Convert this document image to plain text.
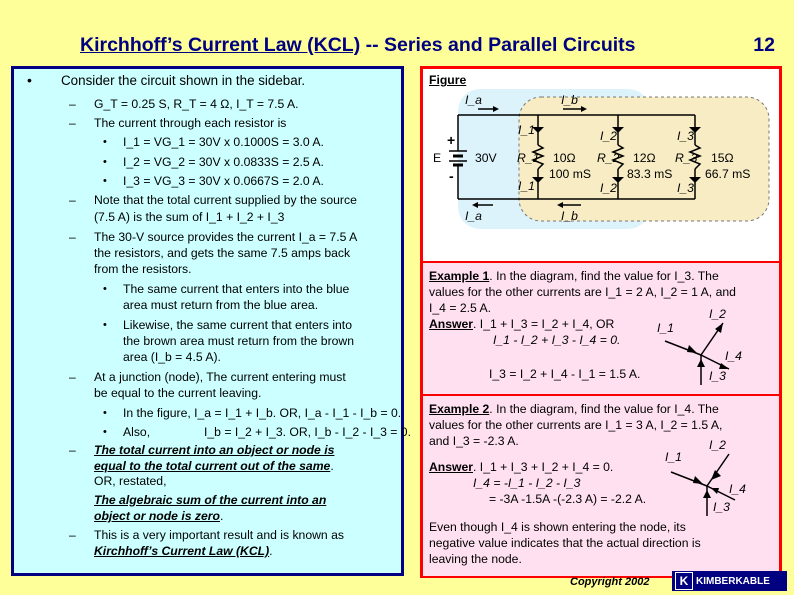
Kirchhoff’s Current Law (KCL) -- Series and Parallel Circuits	12
• Consider the circuit shown in the sidebar.
– G_T = 0.25 S, R_T = 4 Ω, I_T = 7.5 A.
– The current through each resistor is
• I_1 = VG_1 = 30V x 0.1000S = 3.0 A.
• I_2 = VG_2 = 30V x 0.0833S = 2.5 A.
• I_3 = VG_3 = 30V x 0.0667S = 2.0 A.
– Note that the total current supplied by the source
(7.5 A) is the sum of I_1 + I_2 + I_3
– The 30-V source provides the current I_a = 7.5 A
the resistors, and gets the same 7.5 amps back
from the resistors.
• The same current that enters into the blue
area must return from the blue area.
• Likewise, the same current that enters into
the brown area must return from the brown
area (I_b = 4.5 A).
– At a junction (node), The current entering must
be equal to the current leaving.
• In the figure, I_a = I_1 + I_b. OR, I_a - I_1 - I_b = 0.
• Also,	I_b = I_2 + I_3. OR, I_b - I_2 - I_3 = 0.
– The total current into an object or node is
equal to the total current out of the same.
OR, restated,
The algebraic sum of the current into an
object or node is zero.
– This is a very important result and is known as
Kirchhoff’s Current Law (KCL).
Figure
I_a	I_b
I_a	I_b
I_1
I_1
I_2
I_2
I_3
I_3
+
-
E	30V R_1 10Ω
100 mS
R_2 12Ω
83.3 mS
R_3 15Ω
66.7 mS
Example 1. In the diagram, find the value for I_3. The
values for the other currents are I_1 = 2 A, I_2 = 1 A, and
I_4 = 2.5 A.
Answer. I_1 + I_3 = I_2 + I_4, OR
I_1 - I_2 + I_3 - I_4 = 0.
I_3 = I_2 + I_4 - I_1 = 1.5 A.
I_1
I_2
I_3
I_4
Example 2. In the diagram, find the value for I_4. The
values for the other currents are I_1 = 3 A, I_2 = 1.5 A,
and I_3 = -2.3 A.
Answer. I_1 + I_3 + I_2 + I_4 = 0.
I_4 = -I_1 - I_2 - I_3
= -3A -1.5A -(-2.3 A) = -2.2 A.
Even though I_4 is shown entering the node, its
negative value indicates that the actual direction is
leaving the node.
I_1
I_2
I_3
I_4
Copyright 2002	K KIMBERKABLE
